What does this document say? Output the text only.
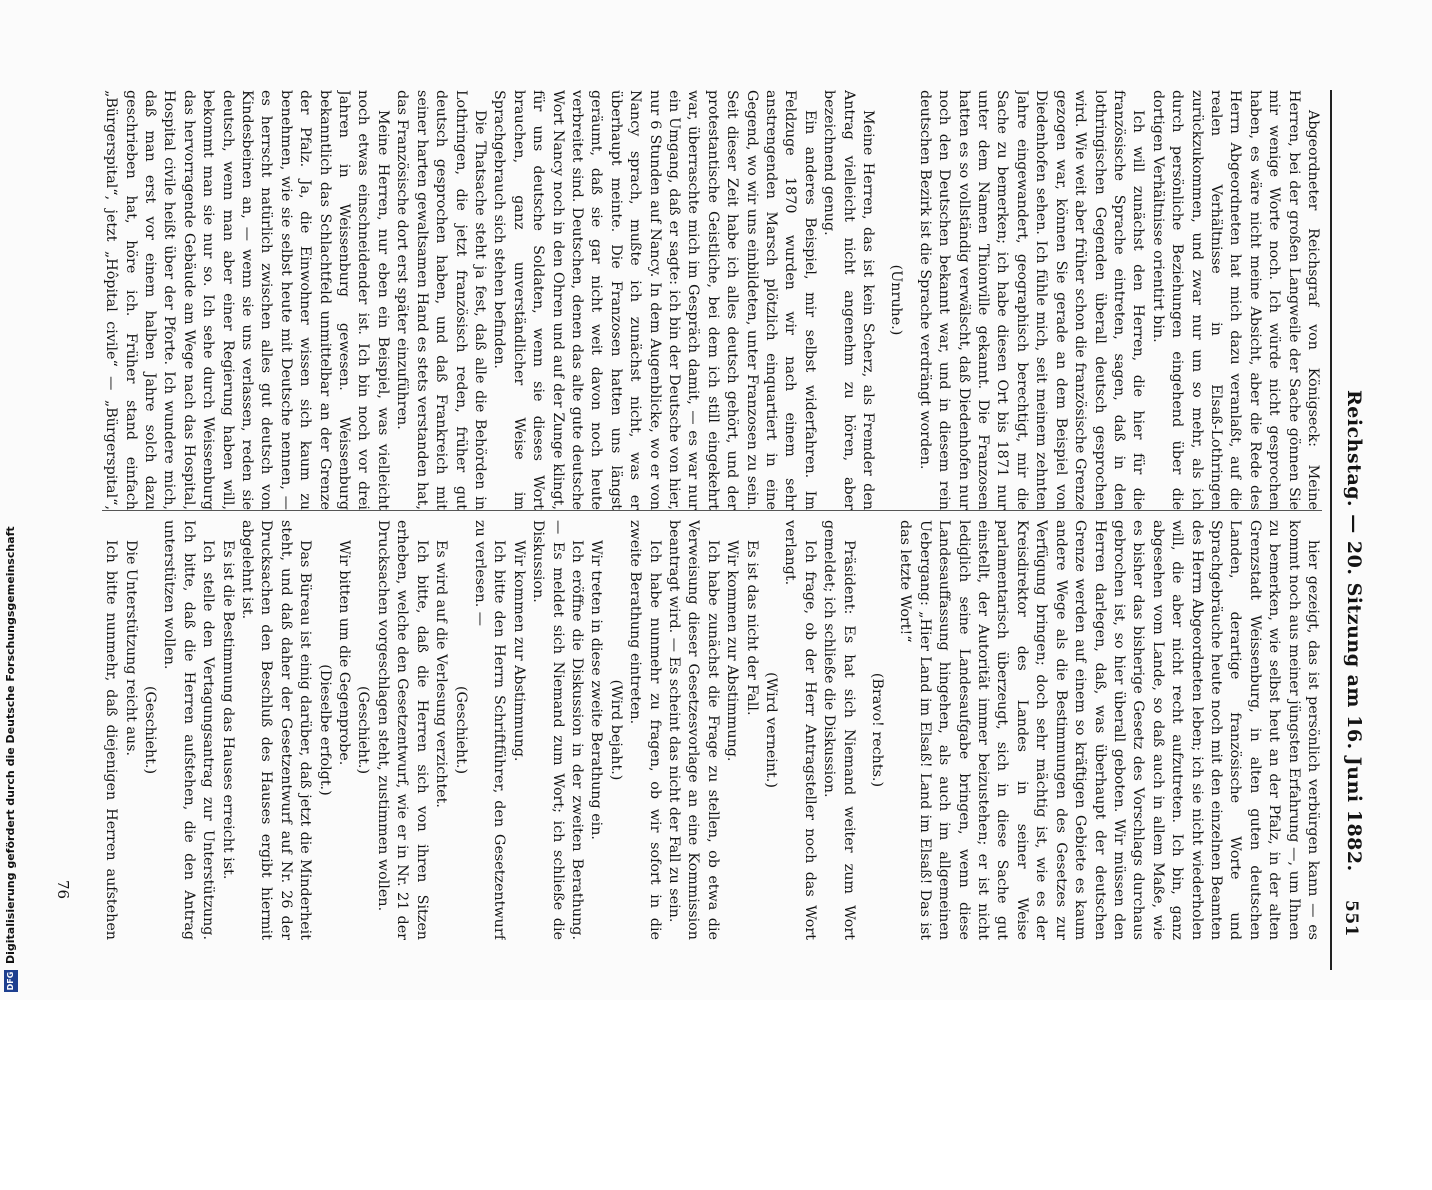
Reichstag. — 20. Sitzung am 16. Juni 1882.
551

Abgeordneter Reichsgraf von Königseck: Meine Herren, bei der großen Langweile der Sache gönnen Sie mir wenige Worte noch. Ich würde nicht gesprochen haben, es wäre nicht meine Absicht, aber die Rede des Herrn Abgeordneten hat mich dazu veranlaßt, auf die realen Verhältnisse in Elsaß-Lothringen zurückzukommen, und zwar nur um so mehr, als ich durch persönliche Beziehungen eingehend über die dortigen Verhältnisse orientirt bin.

Ich will zunächst den Herren, die hier für die französische Sprache eintreten, sagen, daß in den lothringischen Gegenden überall deutsch gesprochen wird. Wie weit aber früher schon die französische Grenze gezogen war, können Sie gerade an dem Beispiel von Diedenhofen sehen. Ich fühle mich, seit meinem zehnten Jahre eingewandert, geographisch berechtigt, mir die Sache zu bemerken; ich habe diesen Ort bis 1871 nur unter dem Namen Thionville gekannt. Die Franzosen hatten es so vollständig verwälscht, daß Diedenhofen nur noch den Deutschen bekannt war, und in diesem rein deutschen Bezirk ist die Sprache verdrängt worden.

(Unruhe.)

Meine Herren, das ist kein Scherz, als Fremder den Antrag vielleicht nicht angenehm zu hören, aber bezeichnend genug.

Ein anderes Beispiel, mir selbst widerfahren. Im Feldzuge 1870 wurden wir nach einem sehr anstrengenden Marsch plötzlich einquartiert in eine Gegend, wo wir uns einbildeten, unter Franzosen zu sein. Seit dieser Zeit habe ich alles deutsch gehört, und der protestantische Geistliche, bei dem ich still eingekehrt war, überraschte mich im Gespräch damit, — es war nur ein Umgang, daß er sagte: ich bin der Deutsche von hier, nur 6 Stunden auf Nancy. In dem Augenblicke, wo er von Nancy sprach, mußte ich zunächst nicht, was er überhaupt meinte. Die Franzosen hatten uns längst geräumt, daß sie gar nicht weit davon noch heute verbreitet sind. Deutschen, denen das alte gute deutsche Wort Nancy noch in den Ohren und auf der Zunge klingt, für uns deutsche Soldaten, wenn sie dieses Wort brauchen, ganz unverständlicher Weise im Sprachgebrauch sich stehen befinden.

Die Thatsache steht ja fest, daß alle die Behörden in Lothringen, die jetzt französisch reden, früher gut deutsch gesprochen haben, und daß Frankreich mit seiner harten gewaltsamen Hand es stets verstanden hat, das Französische dort erst später einzuführen.

Meine Herren, nur eben ein Beispiel, was vielleicht noch etwas einschneidender ist. Ich bin noch vor drei Jahren in Weissenburg gewesen. Weissenburg bekanntlich das Schlachtfeld unmittelbar an der Grenze der Pfalz. Ja, die Einwohner wissen sich kaum zu benehmen, wie sie selbst heute mit Deutsche nennen, — es herrscht natürlich zwischen alles gut deutsch von Kindesbeinen an, — wenn sie uns verlassen, reden sie deutsch, wenn man aber einer Regierung haben will, bekommt man sie nur so. Ich sehe durch Weissenburg das hervorragende Gebäude am Wege nach das Hospital, Hospital civile heißt über der Pforte. Ich wundere mich, daß man erst vor einem halben Jahre solch dazu geschrieben hat, höre ich. Früher stand einfach „Bürgerspital“, jetzt „Hôpital civile“ — „Bürgerspital“,

hier gezeigt, das ist persönlich verbürgen kann — es kommt noch aus meiner jüngsten Erfahrung —, um Ihnen zu bemerken, wie selbst heut an der Pfalz, in der alten Grenzstadt Weissenburg, in alten guten deutschen Landen, derartige französische Worte und Sprachgebräuche heute noch mit den einzelnen Beamten des Herrn Abgeordneten leben; ich sie nicht wiederholen will, die aber nicht recht aufzutreten. Ich bin, ganz abgesehen vom Lande, so daß auch in allem Maße, wie es bisher das bisherige Gesetz des Vorschlags durchaus gebrochen ist, so hier überall geboten. Wir müssen den Herren darlegen, daß, was überhaupt der deutschen Grenze werden auf einem so kräftigen Gebiete es kaum andere Wege als die Bestimmungen des Gesetzes zur Verfügung bringen; doch sehr mächtig ist, wie es der Kreisdirektor des Landes in seiner Weise parlamentarisch überzeugt, sich in diese Sache gut einstellt, der Autorität immer beizustehen; er ist nicht lediglich seine Landesaufgabe bringen, wenn diese Landesauffassung hingehen, als auch im allgemeinen Uebergang: „Hier Land im Elsaß! Land im Elsaß! Das ist das letzte Wort!“

(Bravo! rechts.)

Präsident: Es hat sich Niemand weiter zum Wort gemeldet; ich schließe die Diskussion.

Ich frage, ob der Herr Antragsteller noch das Wort verlangt.

(Wird verneint.)

Es ist das nicht der Fall.

Wir kommen zur Abstimmung.

Ich habe zunächst die Frage zu stellen, ob etwa die Verweisung dieser Gesetzesvorlage an eine Kommission beantragt wird. — Es scheint das nicht der Fall zu sein.

Ich habe nunmehr zu fragen, ob wir sofort in die zweite Berathung eintreten.

(Wird bejaht.)

Wir treten in diese zweite Berathung ein.

Ich eröffne die Diskussion in der zweiten Berathung. — Es meldet sich Niemand zum Wort; ich schließe die Diskussion.

Wir kommen zur Abstimmung.

Ich bitte den Herrn Schriftführer, den Gesetzentwurf zu verlesen. —

(Geschieht.)

Es wird auf die Verlesung verzichtet.

Ich bitte, daß die Herren sich von ihren Sitzen erheben, welche den Gesetzentwurf, wie er in Nr. 21 der Drucksachen vorgeschlagen steht, zustimmen wollen.

(Geschieht.)

Wir bitten um die Gegenprobe.

(Dieselbe erfolgt.)

Das Büreau ist einig darüber, daß jetzt die Minderheit steht, und daß daher der Gesetzentwurf auf Nr. 26 der Drucksachen den Beschluß des Hauses ergibt hiermit abgelehnt ist.

Es ist die Bestimmung das Hauses erreicht ist.

Ich stelle den Vertagungsantrag zur Unterstützung. Ich bitte, daß die Herren aufstehen, die den Antrag unterstützen wollen.

(Geschieht.)

Die Unterstützung reicht aus.

Ich bitte nunmehr, daß diejenigen Herren aufstehen

76
DFGDigitalisierung gefördert durch die Deutsche Forschungsgemeinschaft
